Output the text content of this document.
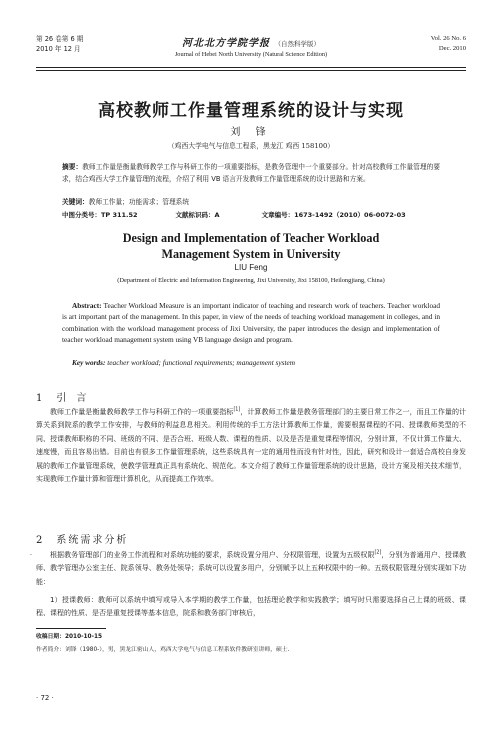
第 26 卷第 6 期
2010 年 12 月	河北北方学院学报 （自然科学版）
Journal of Hebei North University (Natural Science Edition)
Vol. 26 No. 6
Dec. 2010
高校教师工作量管理系统的设计与实现
刘 锋
（鸡西大学电气与信息工程系，黑龙江 鸡西 158100）
摘要：教师工作量是衡量教师教学工作与科研工作的一项重要指标，是教务管理中一个重要部分。针对高校教师工作量管理的要求，结合鸡西大学工作量管理的流程，介绍了利用 VB 语言开发教师工作量管理系统的设计思路和方案。
关键词：教师工作量；功能需求；管理系统
中图分类号：TP 311.52	文献标识码：A	文章编号：1673-1492（2010）06-0072-03
Design and Implementation of Teacher Workload
Management System in University
LIU Feng
(Department of Electric and Information Engineering, Jixi University, Jixi 158100, Heilongjiang, China)
Abstract: Teacher Workload Measure is an important indicator of teaching and research work of teachers. Teacher workload is art important part of the management. In this paper, in view of the needs of teaching workload management in colleges, and in combination with the workload management process of Jixi University, the paper introduces the design and implementation of teacher workload management system using VB language design and program.
Key words: teacher workload; functional requirements; management system
1 引言
教师工作量是衡量教师教学工作与科研工作的一项重要指标[1]，计算教师工作量是教务管理部门的主要日常工作之一，而且工作量的计算关系到院系的教学工作安排，与教师的利益息息相关。利用传统的手工方法计算教师工作量，需要根据课程的不同、授课教师类型的不同、授课教师职称的不同、班级的不同、是否合班、班级人数、课程的性质、以及是否是重复课程等情况，分别计算，不仅计算工作量大、速度慢，而且容易出错。目前也有很多工作量管理系统，这些系统具有一定的通用性而没有针对性，因此，研究和设计一套适合高校自身发展的教师工作量管理系统，使教学管理真正具有系统化、规范化。本文介绍了教师工作量管理系统的设计思路，设计方案及相关技术细节，实现教师工作量计算和管理计算机化，从而提高工作效率。
2 系统需求分析
·	根据教务管理部门的业务工作流程和对系统功能的要求，系统设置分用户、分权限管理，设置为五级权限[2]，分别为普通用户、授课教师、教学管理办公室主任、院系领导、教务处领导；系统可以设置多用户，分别赋予以上五种权限中的一种。五级权限管理分别实现如下功能：
1）授课教师：教师可以系统中填写或导入本学期的教学工作量，包括理论教学和实践教学；填写时只需要选择自己上课的班级、课程、课程的性质、是否是重复授课等基本信息，院系和教务部门审核后，
收稿日期：2010-10-15
作者简介：刘锋（1980-），男，黑龙江密山人，鸡西大学电气与信息工程系软件教研室讲师，硕士.
· 72 ·
